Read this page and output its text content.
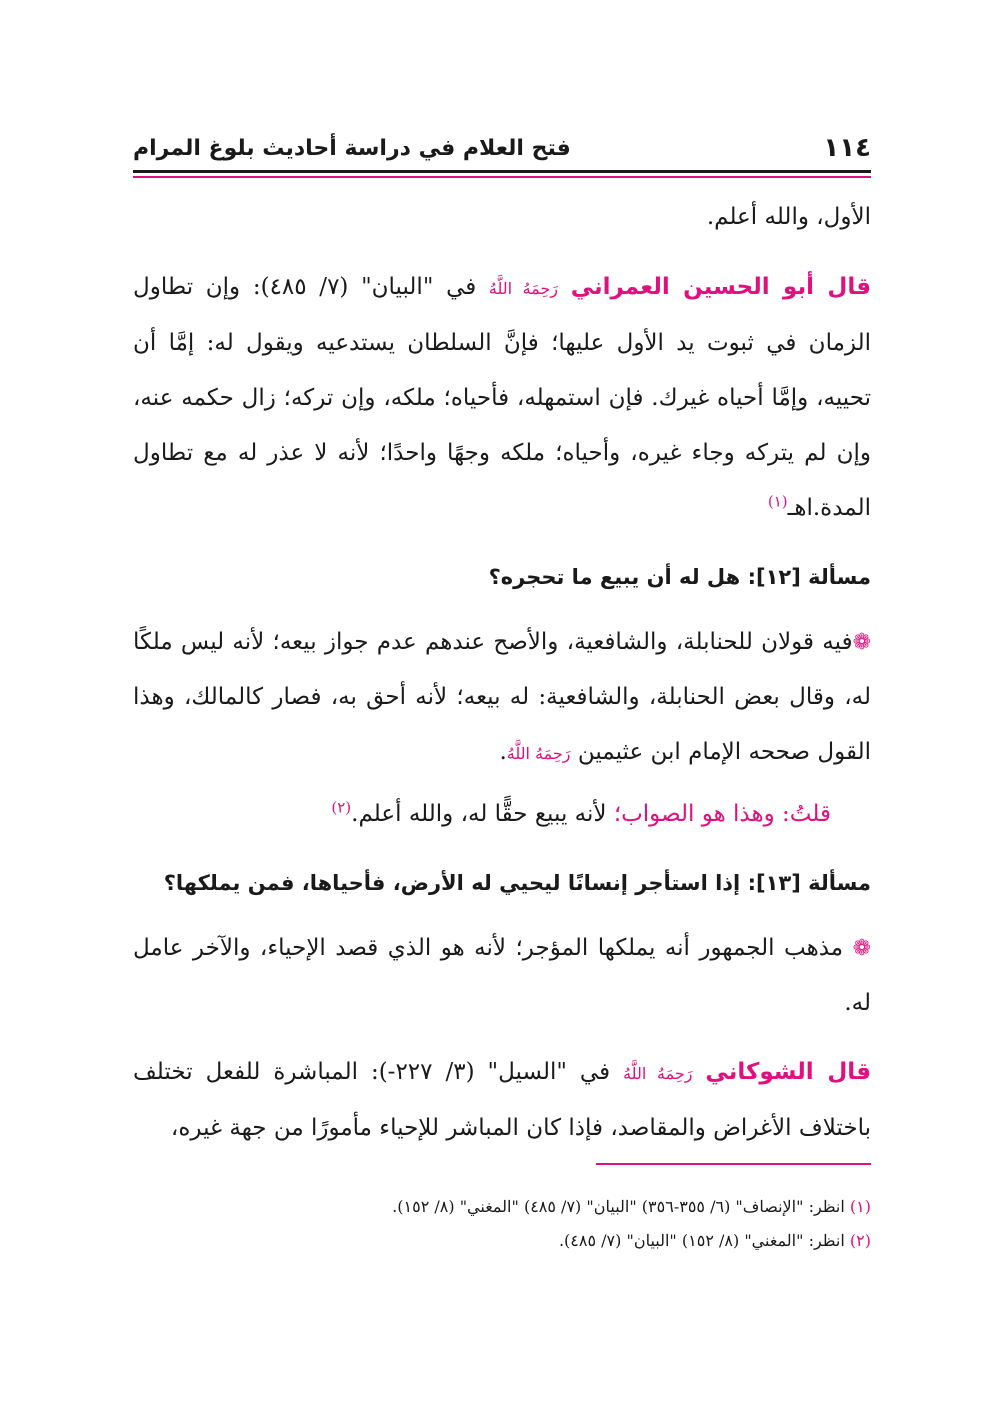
فتح العلام في دراسة أحاديث بلوغ المرام	١١٤

الأول، والله أعلم.

قال أبو الحسين العمراني رَحِمَهُ اللَّهُ في "البيان" (٧/ ٤٨٥): وإن تطاول الزمان في ثبوت يد الأول عليها؛ فإنَّ السلطان يستدعيه ويقول له: إمَّا أن تحييه، وإمَّا أحياه غيرك. فإن استمهله، فأحياه؛ ملكه، وإن تركه؛ زال حكمه عنه، وإن لم يتركه وجاء غيره، وأحياه؛ ملكه وجهًا واحدًا؛ لأنه لا عذر له مع تطاول المدة.اهـ$^{(١)}$

مسألة [١٢]: هل له أن يبيع ما تحجره؟

❁فيه قولان للحنابلة، والشافعية، والأصح عندهم عدم جواز بيعه؛ لأنه ليس ملكًا له، وقال بعض الحنابلة، والشافعية: له بيعه؛ لأنه أحق به، فصار كالمالك، وهذا القول صححه الإمام ابن عثيمين رَحِمَهُ اللَّهُ.

قلتُ: وهذا هو الصواب؛ لأنه يبيع حقًّا له، والله أعلم.$^{(٢)}$

مسألة [١٣]: إذا استأجر إنسانًا ليحيي له الأرض، فأحياها، فمن يملكها؟

❁ مذهب الجمهور أنه يملكها المؤجر؛ لأنه هو الذي قصد الإحياء، والآخر عامل له.

قال الشوكاني رَحِمَهُ اللَّهُ في "السيل" (٣/ ٢٢٧-): المباشرة للفعل تختلف باختلاف الأغراض والمقاصد، فإذا كان المباشر للإحياء مأمورًا من جهة غيره،

(١) انظر: "الإنصاف" (٦/ ٣٥٥-٣٥٦) "البيان" (٧/ ٤٨٥) "المغني" (٨/ ١٥٢).
(٢) انظر: "المغني" (٨/ ١٥٢) "البيان" (٧/ ٤٨٥).
